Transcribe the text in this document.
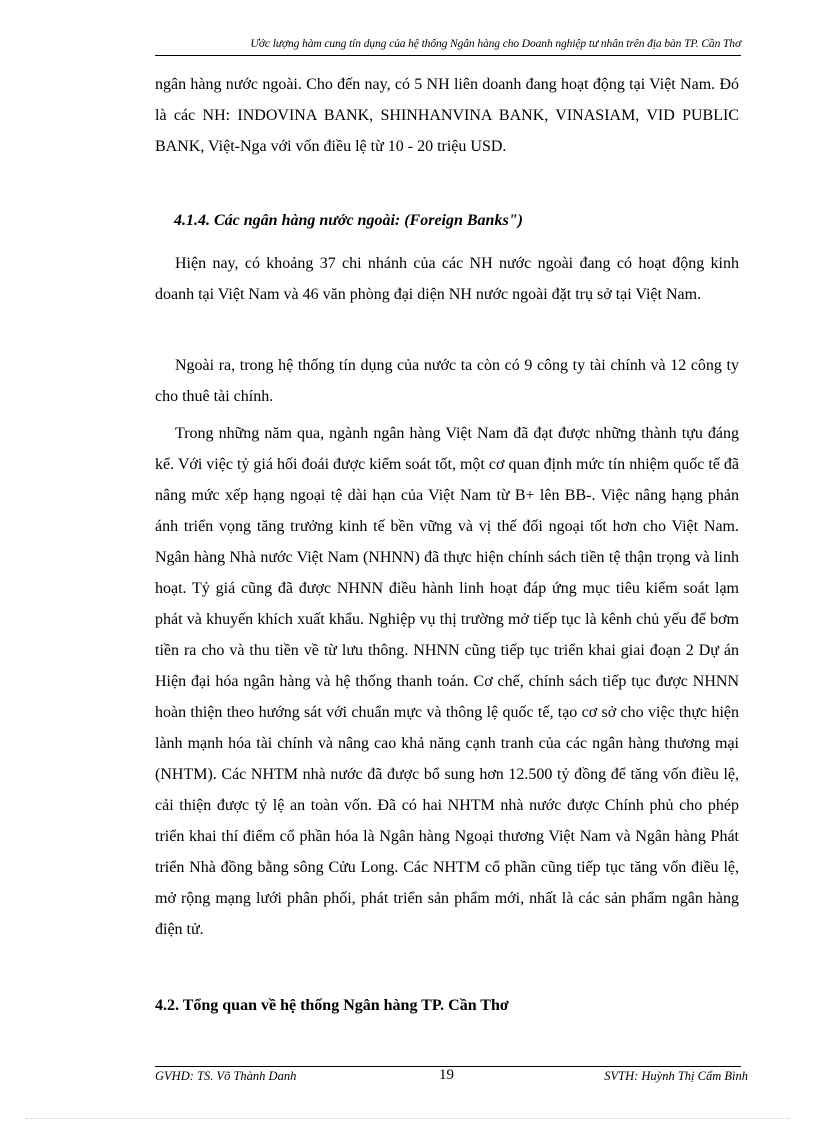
Ước lượng hàm cung tín dụng của hệ thống Ngân hàng cho Doanh nghiệp tư nhân trên địa bàn TP. Cần Thơ

ngân hàng nước ngoài. Cho đến nay, có 5 NH liên doanh đang hoạt động tại Việt Nam. Đó là các NH: INDOVINA BANK, SHINHANVINA BANK, VINASIAM, VID PUBLIC BANK, Việt-Nga với vốn điều lệ từ 10 - 20 triệu USD.

4.1.4. Các ngân hàng nước ngoài: (Foreign Banks")

Hiện nay, có khoảng 37 chi nhánh của các NH nước ngoài đang có hoạt động kinh doanh tại Việt Nam và 46 văn phòng đại diện NH nước ngoài đặt trụ sở tại Việt Nam.

Ngoài ra, trong hệ thống tín dụng của nước ta còn có 9 công ty tài chính và 12 công ty cho thuê tài chính.

Trong những năm qua, ngành ngân hàng Việt Nam đã đạt được những thành tựu đáng kể. Với việc tỷ giá hối đoái được kiểm soát tốt, một cơ quan định mức tín nhiệm quốc tế đã nâng mức xếp hạng ngoại tệ dài hạn của Việt Nam từ B+ lên BB-. Việc nâng hạng phản ánh triển vọng tăng trưởng kinh tế bền vững và vị thế đối ngoại tốt hơn cho Việt Nam. Ngân hàng Nhà nước Việt Nam (NHNN) đã thực hiện chính sách tiền tệ thận trọng và linh hoạt. Tỷ giá cũng đã được NHNN điều hành linh hoạt đáp ứng mục tiêu kiểm soát lạm phát và khuyến khích xuất khẩu. Nghiệp vụ thị trường mở tiếp tục là kênh chủ yếu để bơm tiền ra cho và thu tiền về từ lưu thông. NHNN cũng tiếp tục triển khai giai đoạn 2 Dự án Hiện đại hóa ngân hàng và hệ thống thanh toán. Cơ chế, chính sách tiếp tục được NHNN hoàn thiện theo hướng sát với chuẩn mực và thông lệ quốc tế, tạo cơ sở cho việc thực hiện lành mạnh hóa tài chính và nâng cao khả năng cạnh tranh của các ngân hàng thương mại (NHTM). Các NHTM nhà nước đã được bổ sung hơn 12.500 tỷ đồng để tăng vốn điều lệ, cải thiện được tỷ lệ an toàn vốn. Đã có hai NHTM nhà nước được Chính phủ cho phép triển khai thí điểm cổ phần hóa là Ngân hàng Ngoại thương Việt Nam và Ngân hàng Phát triển Nhà đồng bằng sông Cửu Long. Các NHTM cổ phần cũng tiếp tục tăng vốn điều lệ, mở rộng mạng lưới phân phối, phát triển sản phẩm mới, nhất là các sản phẩm ngân hàng điện tử.

4.2. Tổng quan về hệ thống Ngân hàng TP. Cần Thơ

GVHD: TS. Võ Thành Danh	19	SVTH: Huỳnh Thị Cẩm Bình
